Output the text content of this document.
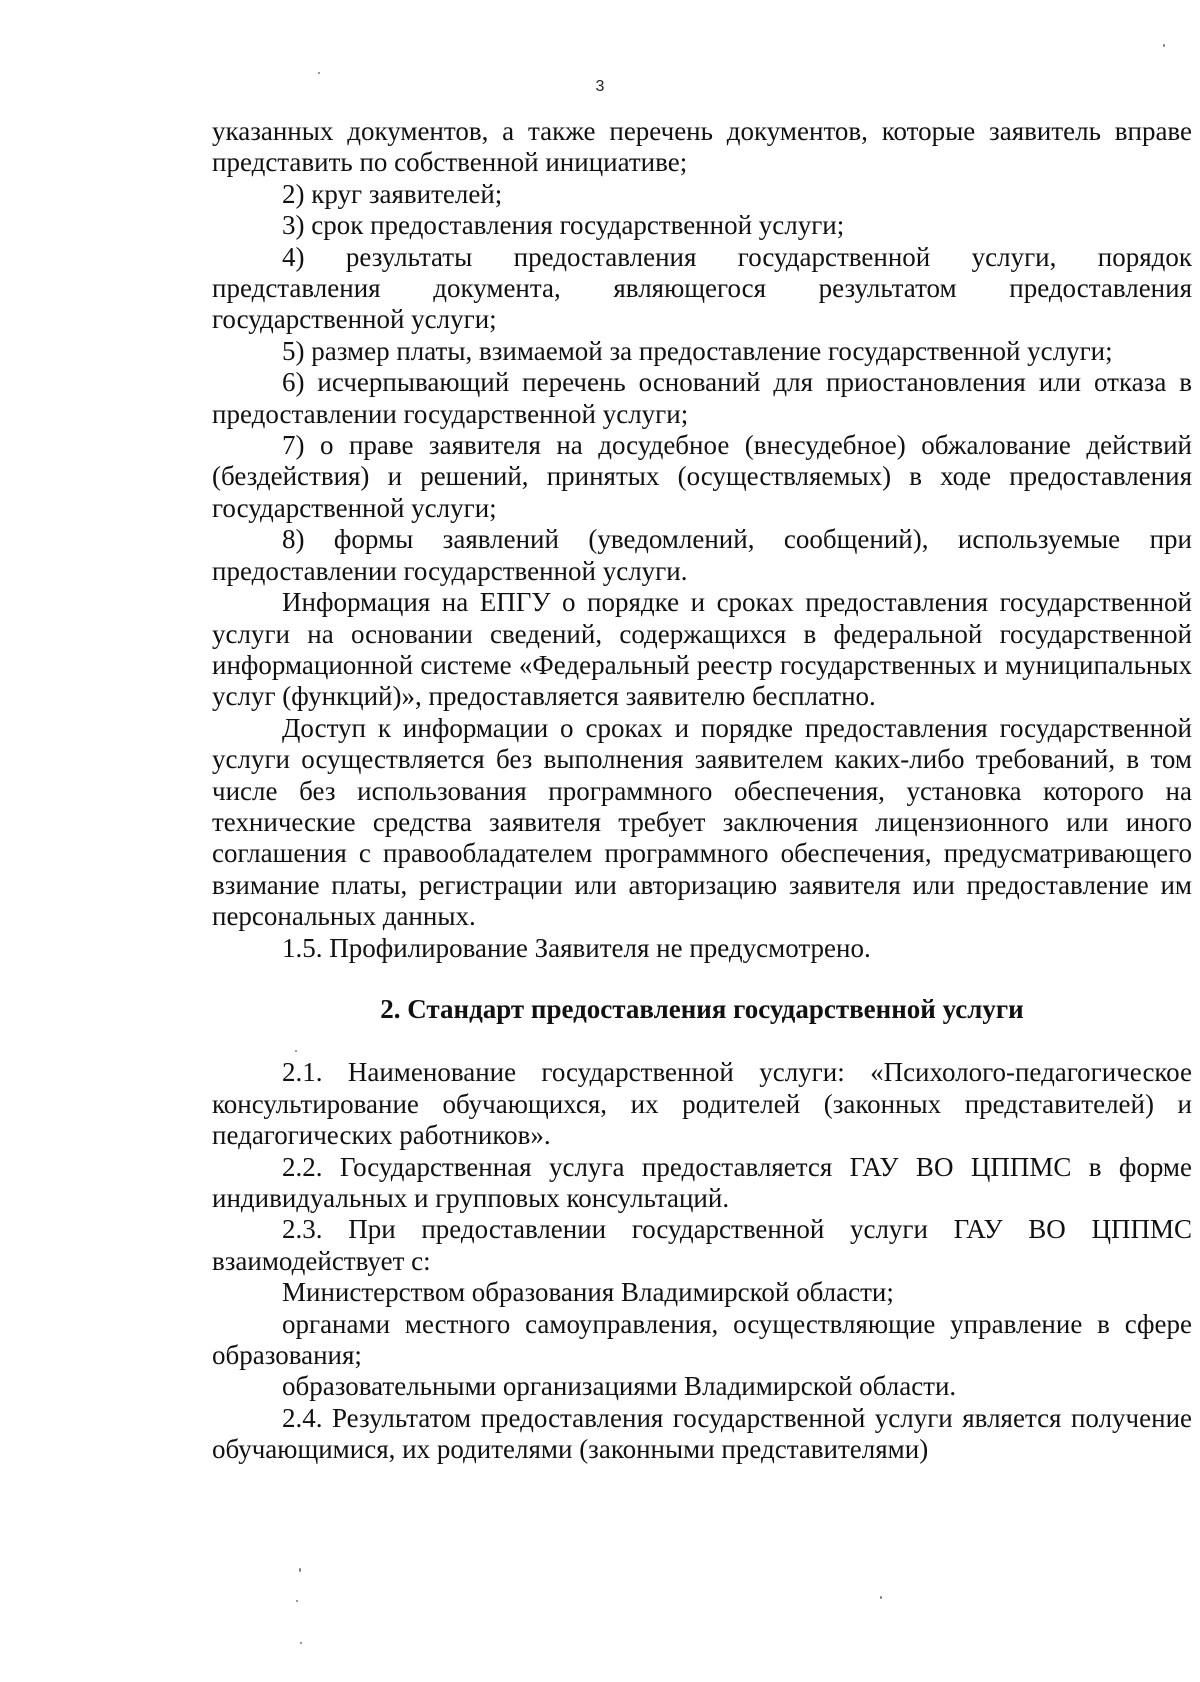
3

указанных документов, а также перечень документов, которые заявитель вправе представить по собственной инициативе;

2) круг заявителей;

3) срок предоставления государственной услуги;

4) результаты предоставления государственной услуги, порядок представления документа, являющегося результатом предоставления государственной услуги;

5) размер платы, взимаемой за предоставление государственной услуги;

6) исчерпывающий перечень оснований для приостановления или отказа в предоставлении государственной услуги;

7) о праве заявителя на досудебное (внесудебное) обжалование действий (бездействия) и решений, принятых (осуществляемых) в ходе предоставления государственной услуги;

8) формы заявлений (уведомлений, сообщений), используемые при предоставлении государственной услуги.

Информация на ЕПГУ о порядке и сроках предоставления государственной услуги на основании сведений, содержащихся в федеральной государственной информационной системе «Федеральный реестр государственных и муниципальных услуг (функций)», предоставляется заявителю бесплатно.

Доступ к информации о сроках и порядке предоставления государственной услуги осуществляется без выполнения заявителем каких-либо требований, в том числе без использования программного обеспечения, установка которого на технические средства заявителя требует заключения лицензионного или иного соглашения с правообладателем программного обеспечения, предусматривающего взимание платы, регистрации или авторизацию заявителя или предоставление им персональных данных.

1.5. Профилирование Заявителя не предусмотрено.

2. Стандарт предоставления государственной услуги

2.1. Наименование государственной услуги: «Психолого-педагогическое консультирование обучающихся, их родителей (законных представителей) и педагогических работников».

2.2. Государственная услуга предоставляется ГАУ ВО ЦППМС в форме индивидуальных и групповых консультаций.

2.3. При предоставлении государственной услуги ГАУ ВО ЦППМС взаимодействует с:

Министерством образования Владимирской области;

органами местного самоуправления, осуществляющие управление в сфере образования;

образовательными организациями Владимирской области.

2.4. Результатом предоставления государственной услуги является получение обучающимися, их родителями (законными представителями)
